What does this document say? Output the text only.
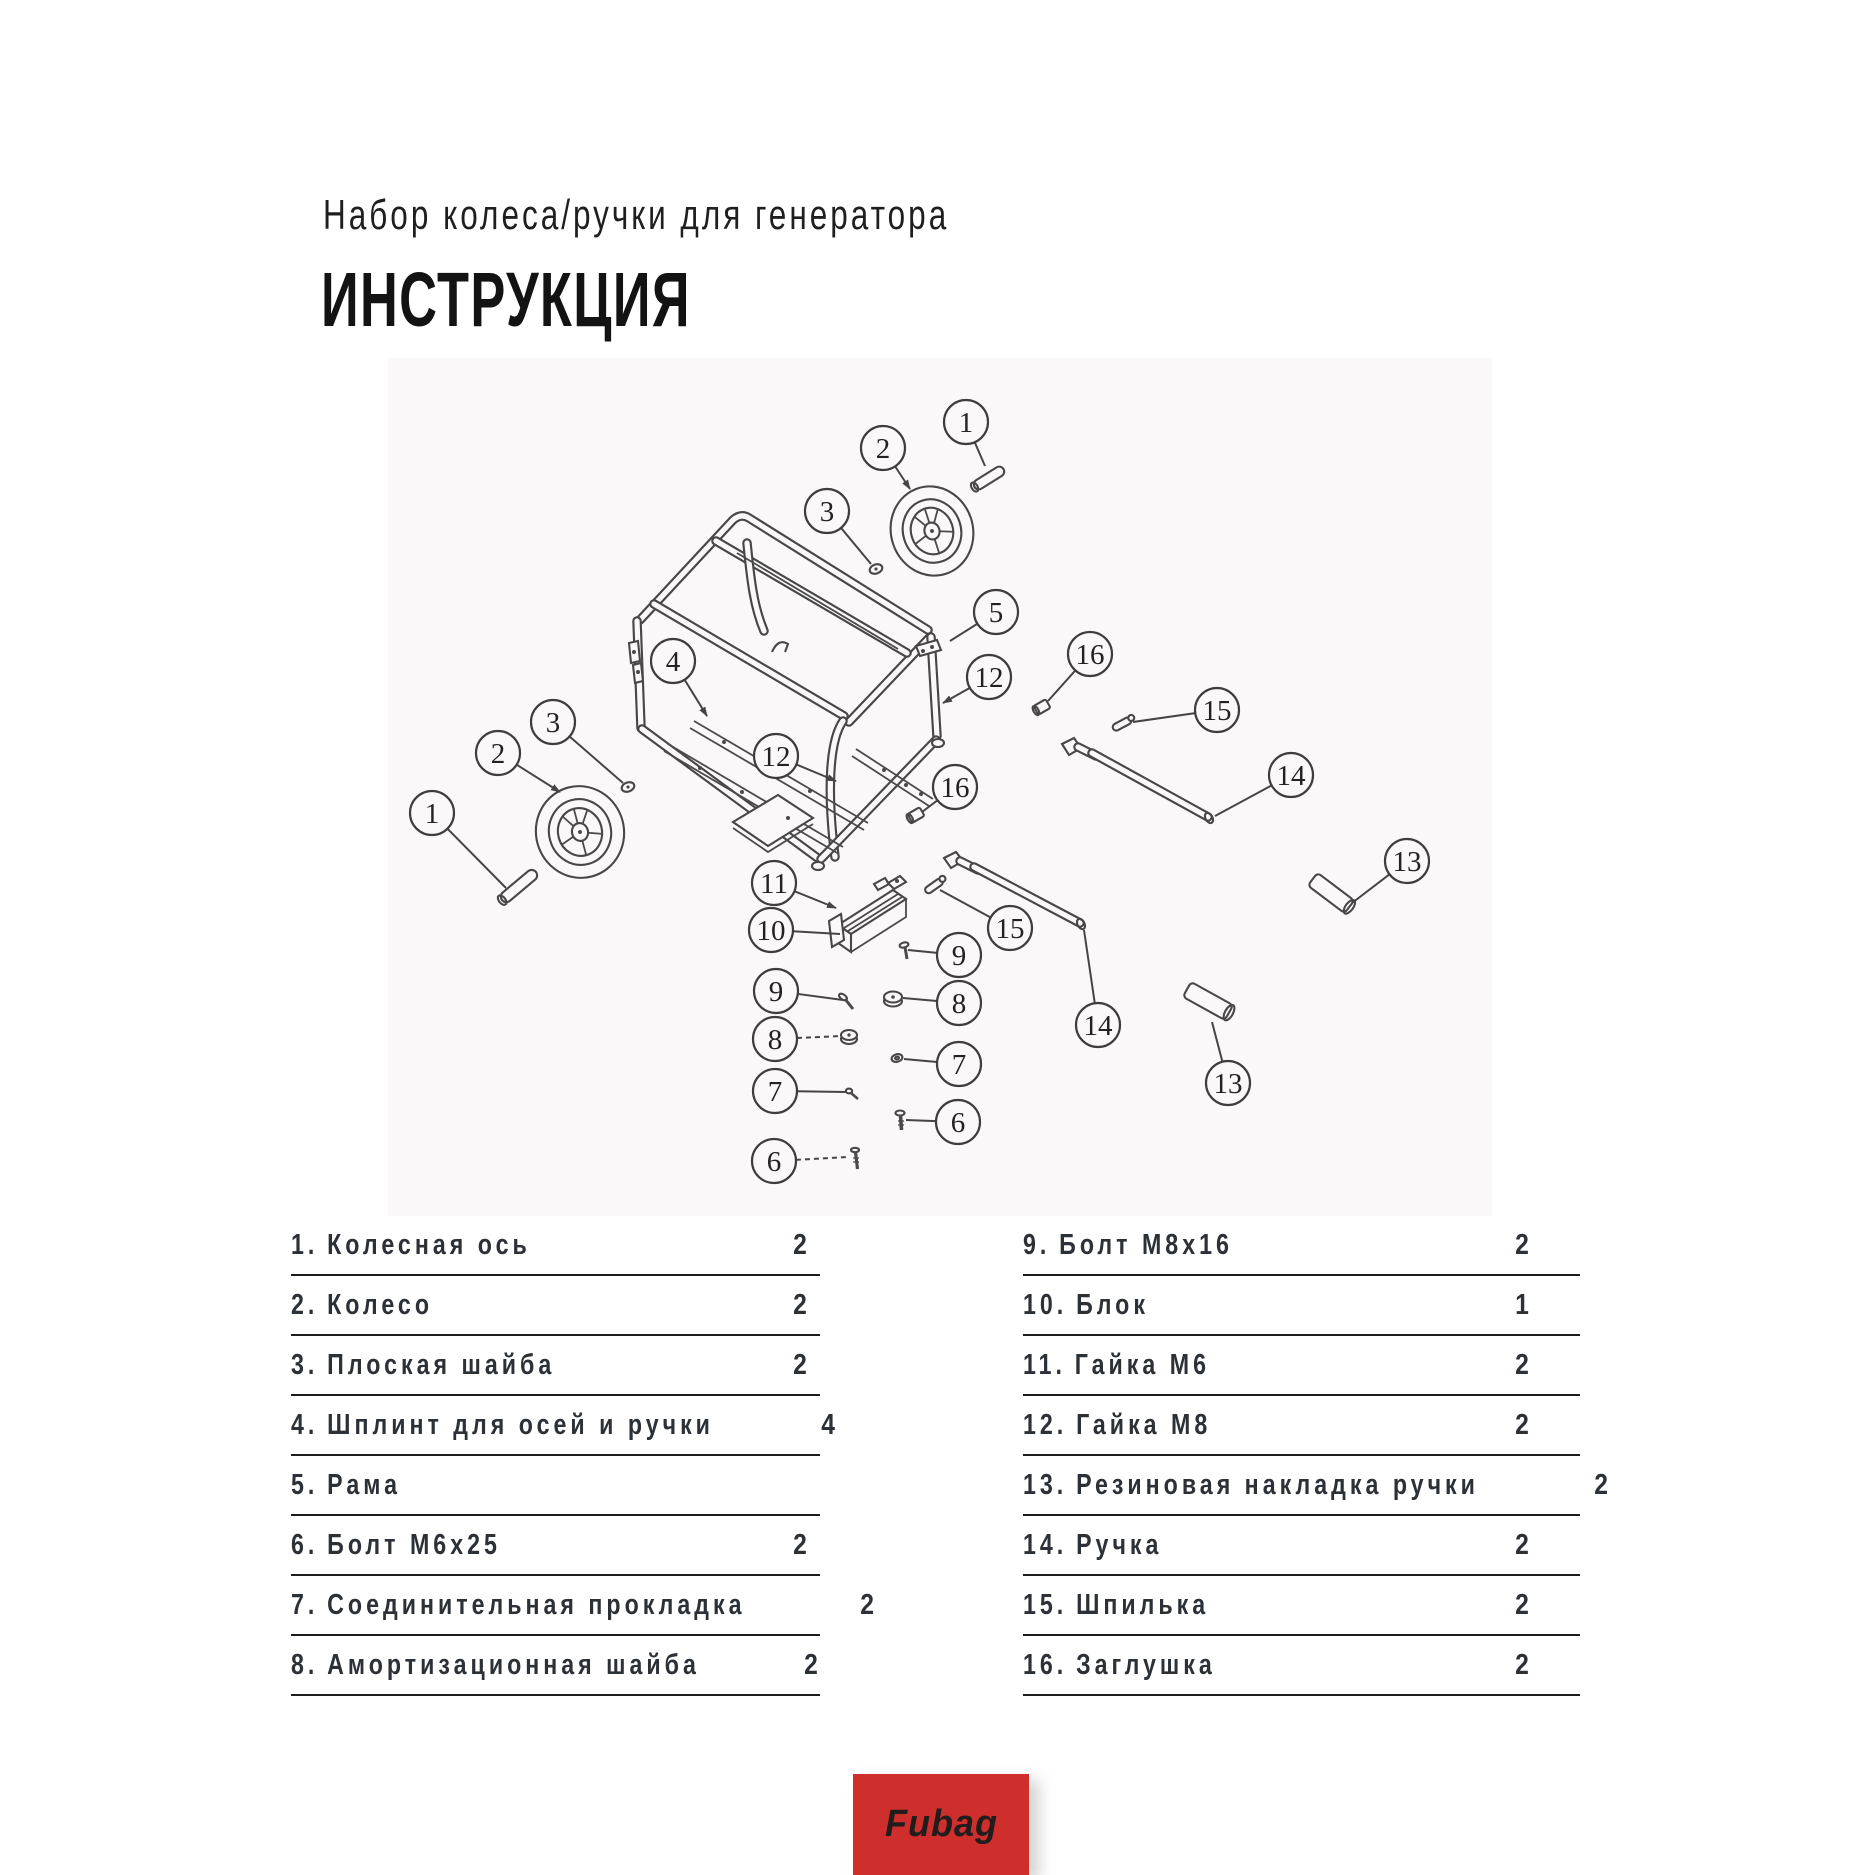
Набор колеса/ручки для генератора
ИНСТРУКЦИЯ
1
2
3
5
4	12
16
15
14
12
3
2
1
16
13
11
10	15
9
9	8
8
7
7
6
6
14
13
1. Колесная ось	2
2. Колесо	2
3. Плоская шайба	2
4. Шплинт для осей и ручки	4
5. Рама
6. Болт М6х25	2
7. Соединительная прокладка	2
8. Амортизационная шайба	2
9. Болт М8х16	2
10. Блок	1
11. Гайка М6	2
12. Гайка М8	2
13. Резиновая накладка ручки	2
14. Ручка	2
15. Шпилька	2
16. Заглушка	2
Fubag
